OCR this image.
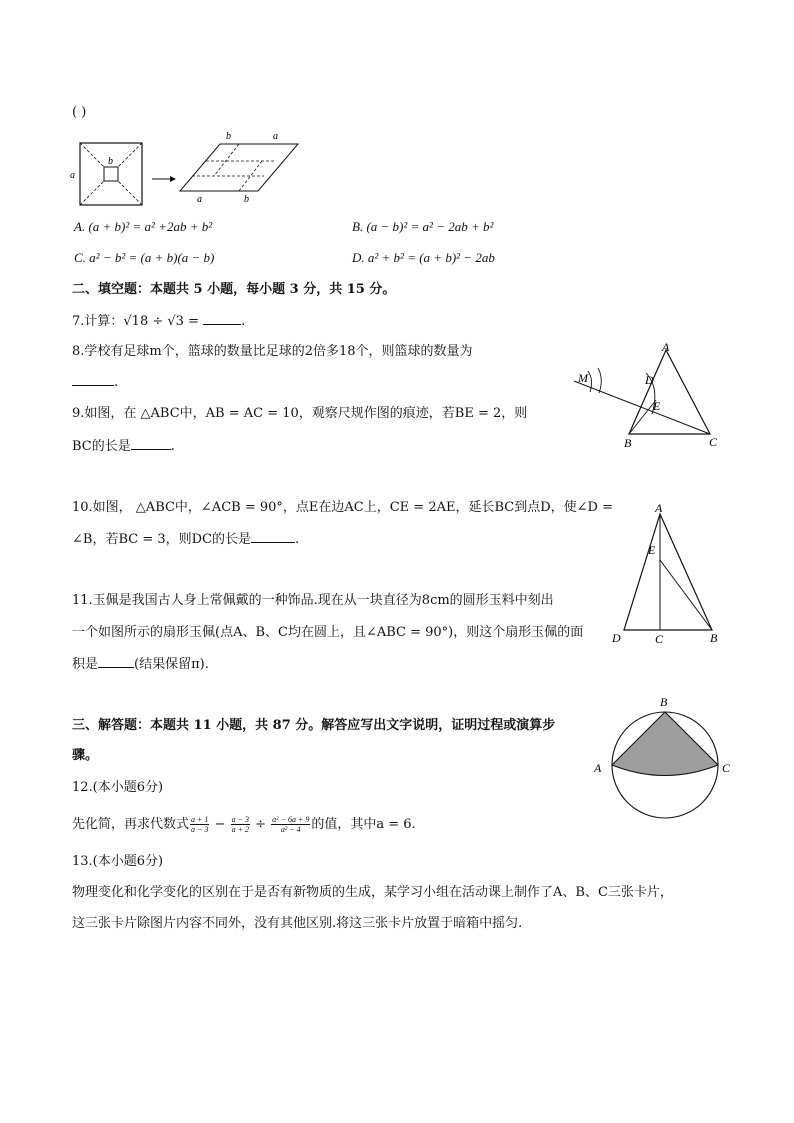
( )
a
b
b	a
a	b
A. (a + b)² = a² +2ab + b²	B. (a − b)² = a² − 2ab + b²
C. a² − b² = (a + b)(a − b)	D. a² + b² = (a + b)² − 2ab
二、填空题：本题共 5 小题，每小题 3 分，共 15 分。
7.计算：√18 ÷ √3 =	.
8.学校有足球m个，篮球的数量比足球的2倍多18个，则篮球的数量为
.
9.如图，在 △ABC中，AB = AC = 10，观察尺规作图的痕迹，若BE = 2，则
BC的长是	.
A
M	D
E
B	C
10.如图， △ABC中，∠ACB = 90°，点E在边AC上，CE = 2AE，延长BC到点D，使∠D =
∠B，若BC = 3，则DC的长是	.
A
E
D	C	B
11.玉佩是我国古人身上常佩戴的一种饰品.现在从一块直径为8cm的圆形玉料中刻出
一个如图所示的扇形玉佩(点A、B、C均在圆上，且∠ABC = 90°)，则这个扇形玉佩的面
积是	(结果保留π).
三、解答题：本题共 11 小题，共 87 分。解答应写出文字说明，证明过程或演算步
骤。
B
A	C
12.(本小题6分)
先化简，再求代数式 $\frac{a + 1}{a - 3} - \frac{a - 3}{a + 2} \div \frac{\text{a² − 6a + 9}}{\text{a² − 4}}$ 的值，其中a = 6.
13.(本小题6分)
物理变化和化学变化的区别在于是否有新物质的生成，某学习小组在活动课上制作了A、B、C三张卡片，
这三张卡片除图片内容不同外，没有其他区别.将这三张卡片放置于暗箱中摇匀.
